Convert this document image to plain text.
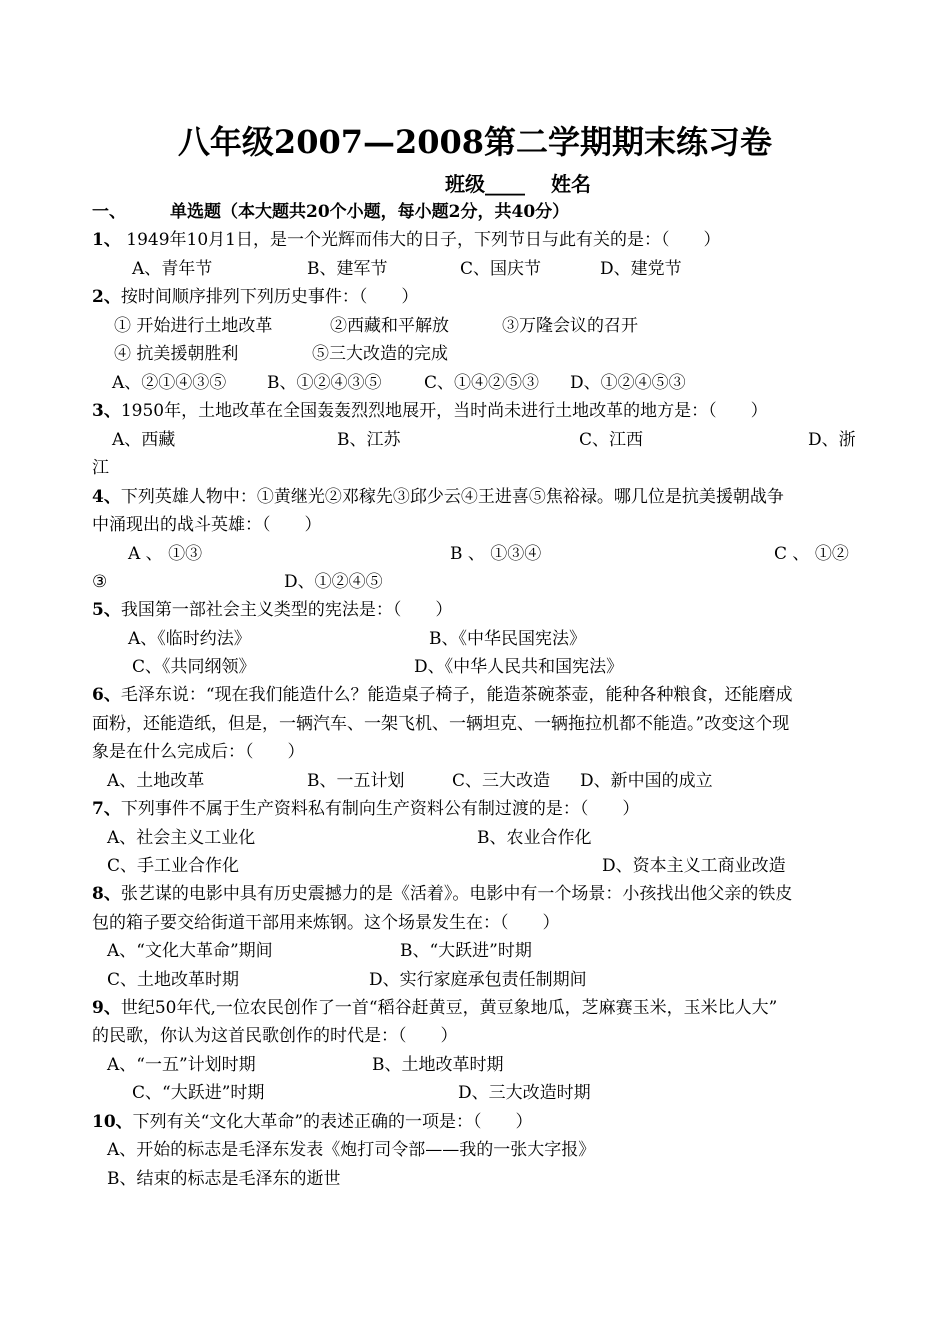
八年级2007—2008第二学期期末练习卷
班级____ 姓名
一、	单选题（本大题共20个小题，每小题2分，共40分）
1、 1949年10月1日，是一个光辉而伟大的日子，下列节日与此有关的是：（　　）
A、青年节	B、建军节	C、国庆节	D、建党节
2、按时间顺序排列下列历史事件：（　　）
① 开始进行土地改革	②西藏和平解放	③万隆会议的召开
④ 抗美援朝胜利	⑤三大改造的完成
A、②①④③⑤ B、①②④③⑤	C、①④②⑤③ D、①②④⑤③
3、1950年，土地改革在全国轰轰烈烈地展开，当时尚未进行土地改革的地方是：（　　）
A、西藏	B、江苏	C、江西	D、浙
江
4、下列英雄人物中：①黄继光②邓稼先③邱少云④王进喜⑤焦裕禄。哪几位是抗美援朝战争
中涌现出的战斗英雄：（　　）
A 、 ①③	B 、 ①③④	C 、 ①②
③	D、①②④⑤
5、我国第一部社会主义类型的宪法是：（　　）
A、《临时约法》	B、《中华民国宪法》
C、《共同纲领》	D、《中华人民共和国宪法》
6、毛泽东说：“现在我们能造什么？能造桌子椅子，能造茶碗茶壶，能种各种粮食，还能磨成
面粉，还能造纸，但是，一辆汽车、一架飞机、一辆坦克、一辆拖拉机都不能造。”改变这个现
象是在什么完成后：（　　）
A、土地改革	B、一五计划	C、三大改造 D、新中国的成立
7、下列事件不属于生产资料私有制向生产资料公有制过渡的是：（　　）
A、社会主义工业化	B、农业合作化
C、手工业合作化	D、资本主义工商业改造
8、张艺谋的电影中具有历史震撼力的是《活着》。电影中有一个场景：小孩找出他父亲的铁皮
包的箱子要交给街道干部用来炼钢。这个场景发生在：（　　）
A、“文化大革命”期间	B、“大跃进”时期
C、土地改革时期	D、实行家庭承包责任制期间
9、世纪50年代,一位农民创作了一首“稻谷赶黄豆，黄豆象地瓜，芝麻赛玉米，玉米比人大”
的民歌，你认为这首民歌创作的时代是：（　　）
A、“一五”计划时期	B、土地改革时期
C、“大跃进”时期	D、三大改造时期
10、下列有关“文化大革命”的表述正确的一项是：（　　）
A、开始的标志是毛泽东发表《炮打司令部——我的一张大字报》
B、结束的标志是毛泽东的逝世
